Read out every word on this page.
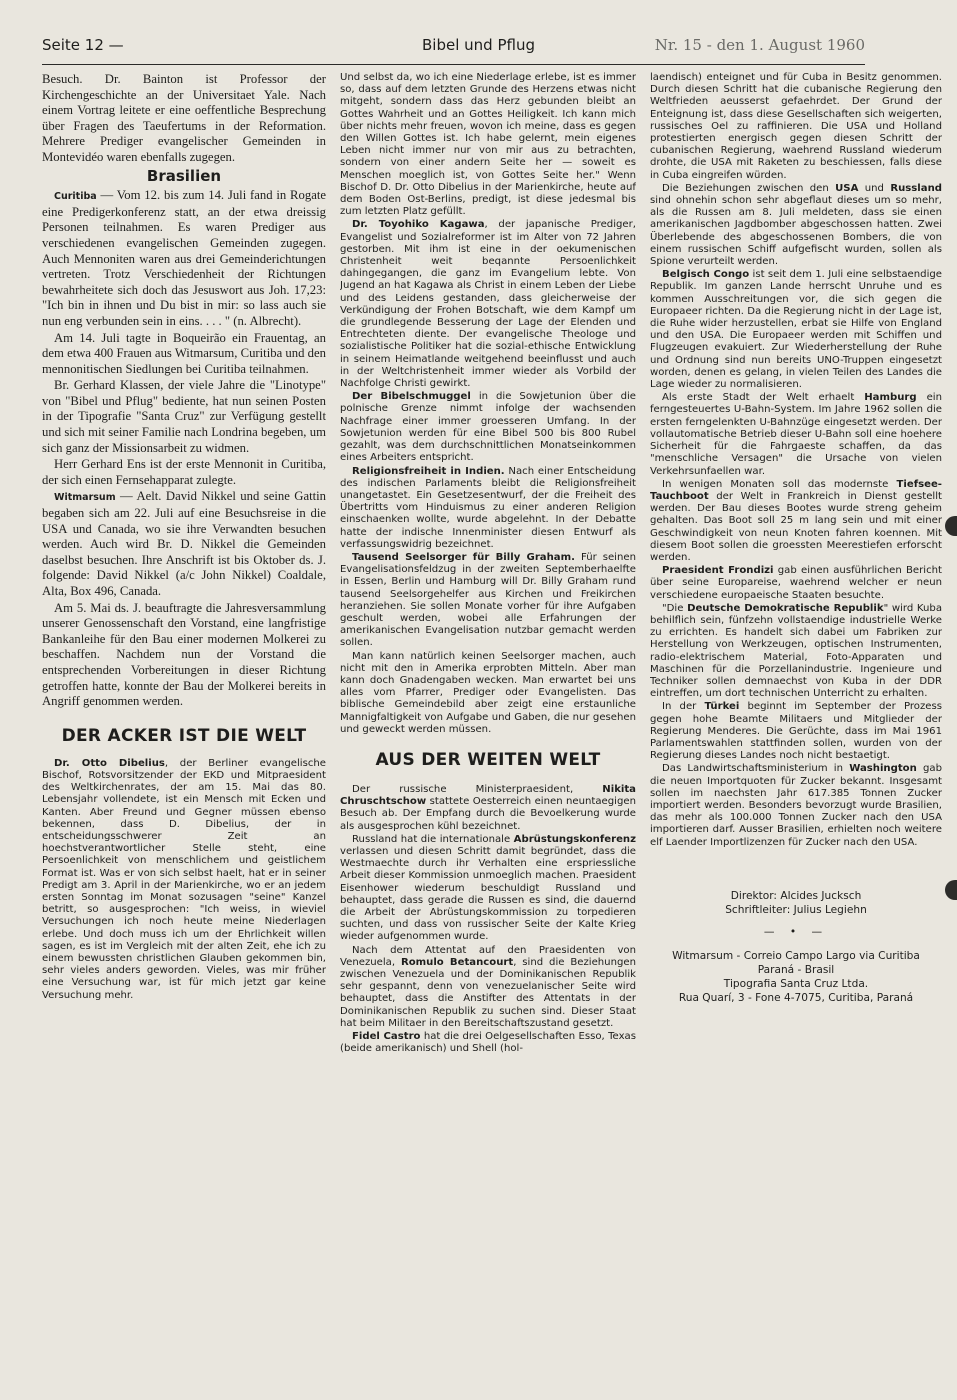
Seite 12 —	Bibel und Pflug	Nr. 15 - den 1. August 1960

Besuch. Dr. Bainton ist Professor der Kirchengeschichte an der Universitaet Yale. Nach einem Vortrag leitete er eine oeffentliche Besprechung über Fragen des Taeufertums in der Reformation. Mehrere Prediger evangelischer Gemeinden in Montevidéo waren ebenfalls zugegen.

Brasilien

Curitiba — Vom 12. bis zum 14. Juli fand in Rogate eine Predigerkonferenz statt, an der etwa dreissig Personen teilnahmen. Es waren Prediger aus verschiedenen evangelischen Gemeinden zugegen. Auch Mennoniten waren aus drei Gemeinderichtungen vertreten. Trotz Verschiedenheit der Richtungen bewahrheitete sich doch das Jesuswort aus Joh. 17,23: "Ich bin in ihnen und Du bist in mir: so lass auch sie nun eng verbunden sein in eins. . . . " (n. Albrecht).

Am 14. Juli tagte in Boqueirão ein Frauentag, an dem etwa 400 Frauen aus Witmarsum, Curitiba und den mennonitischen Siedlungen bei Curitiba teilnahmen.

Br. Gerhard Klassen, der viele Jahre die "Linotype" von "Bibel und Pflug" bediente, hat nun seinen Posten in der Tipografie "Santa Cruz" zur Verfügung gestellt und sich mit seiner Familie nach Londrina begeben, um sich ganz der Missionsarbeit zu widmen.

Herr Gerhard Ens ist der erste Mennonit in Curitiba, der sich einen Fernsehapparat zulegte.

Witmarsum — Aelt. David Nikkel und seine Gattin begaben sich am 22. Juli auf eine Besuchsreise in die USA und Canada, wo sie ihre Verwandten besuchen werden. Auch wird Br. D. Nikkel die Gemeinden daselbst besuchen. Ihre Anschrift ist bis Oktober ds. J. folgende: David Nikkel (a/c John Nikkel) Coaldale, Alta, Box 496, Canada.

Am 5. Mai ds. J. beauftragte die Jahresversammlung unserer Genossenschaft den Vorstand, eine langfristige Bankanleihe für den Bau einer modernen Molkerei zu beschaffen. Nachdem nun der Vorstand die entsprechenden Vorbereitungen in dieser Richtung getroffen hatte, konnte der Bau der Molkerei bereits in Angriff genommen werden.

DER ACKER IST DIE WELT

Dr. Otto Dibelius, der Berliner evangelische Bischof, Rotsvorsitzender der EKD und Mitpraesident des Weltkirchenrates, der am 15. Mai das 80. Lebensjahr vollendete, ist ein Mensch mit Ecken und Kanten. Aber Freund und Gegner müssen ebenso bekennen, dass D. Dibelius, der in entscheidungsschwerer Zeit an hoechstverantwortlicher Stelle steht, eine Persoenlichkeit von menschlichem und geistlichem Format ist. Was er von sich selbst haelt, hat er in seiner Predigt am 3. April in der Marienkirche, wo er an jedem ersten Sonntag im Monat sozusagen "seine" Kanzel betritt, so ausgesprochen: "Ich weiss, in wieviel Versuchungen ich noch heute meine Niederlagen erlebe. Und doch muss ich um der Ehrlichkeit willen sagen, es ist im Vergleich mit der alten Zeit, ehe ich zu einem bewussten christlichen Glauben gekommen bin, sehr vieles anders geworden. Vieles, was mir früher eine Versuchung war, ist für mich jetzt gar keine Versuchung mehr.

Und selbst da, wo ich eine Niederlage erlebe, ist es immer so, dass auf dem letzten Grunde des Herzens etwas nicht mitgeht, sondern dass das Herz gebunden bleibt an Gottes Wahrheit und an Gottes Heiligkeit. Ich kann mich über nichts mehr freuen, wovon ich meine, dass es gegen den Willen Gottes ist. Ich habe gelernt, mein eigenes Leben nicht immer nur von mir aus zu betrachten, sondern von einer andern Seite her — soweit es Menschen moeglich ist, von Gottes Seite her." Wenn Bischof D. Dr. Otto Dibelius in der Marienkirche, heute auf dem Boden Ost-Berlins, predigt, ist diese jedesmal bis zum letzten Platz gefüllt.

Dr. Toyohiko Kagawa, der japanische Prediger, Evangelist und Sozialreformer ist im Alter von 72 Jahren gestorben. Mit ihm ist eine in der oekumenischen Christenheit weit beqannte Persoenlichkeit dahingegangen, die ganz im Evangelium lebte. Von Jugend an hat Kagawa als Christ in einem Leben der Liebe und des Leidens gestanden, dass gleicherweise der Verkündigung der Frohen Botschaft, wie dem Kampf um die grundlegende Besserung der Lage der Elenden und Entrechteten diente. Der evangelische Theologe und sozialistische Politiker hat die sozial-ethische Entwicklung in seinem Heimatlande weitgehend beeinflusst und auch in der Weltchristenheit immer wieder als Vorbild der Nachfolge Christi gewirkt.

Der Bibelschmuggel in die Sowjetunion über die polnische Grenze nimmt infolge der wachsenden Nachfrage einer immer groesseren Umfang. In der Sowjetunion werden für eine Bibel 500 bis 800 Rubel gezahlt, was dem durchschnittlichen Monatseinkommen eines Arbeiters entspricht.

Religionsfreiheit in Indien. Nach einer Entscheidung des indischen Parlaments bleibt die Religionsfreiheit unangetastet. Ein Gesetzesentwurf, der die Freiheit des Übertritts vom Hinduismus zu einer anderen Religion einschaenken wollte, wurde abgelehnt. In der Debatte hatte der indische Innenminister diesen Entwurf als verfassungswidrig bezeichnet.

Tausend Seelsorger für Billy Graham. Für seinen Evangelisationsfeldzug in der zweiten Septemberhaelfte in Essen, Berlin und Hamburg will Dr. Billy Graham rund tausend Seelsorgehelfer aus Kirchen und Freikirchen heranziehen. Sie sollen Monate vorher für ihre Aufgaben geschult werden, wobei alle Erfahrungen der amerikanischen Evangelisation nutzbar gemacht werden sollen.

Man kann natürlich keinen Seelsorger machen, auch nicht mit den in Amerika erprobten Mitteln. Aber man kann doch Gnadengaben wecken. Man erwartet bei uns alles vom Pfarrer, Prediger oder Evangelisten. Das biblische Gemeindebild aber zeigt eine erstaunliche Mannigfaltigkeit von Aufgabe und Gaben, die nur gesehen und geweckt werden müssen.

AUS DER WEITEN WELT

Der russische Ministerpraesident, Nikita Chruschtschow stattete Oesterreich einen neuntaegigen Besuch ab. Der Empfang durch die Bevoelkerung wurde als ausgesprochen kühl bezeichnet.

Russland hat die internationale Abrüstungskonferenz verlassen und diesen Schritt damit begründet, dass die Westmaechte durch ihr Verhalten eine erspriessliche Arbeit dieser Kommission unmoeglich machen. Praesident Eisenhower wiederum beschuldigt Russland und behauptet, dass gerade die Russen es sind, die dauernd die Arbeit der Abrüstungskommission zu torpedieren suchten, und dass von russischer Seite der Kalte Krieg wieder aufgenommen wurde.

Nach dem Attentat auf den Praesidenten von Venezuela, Romulo Betancourt, sind die Beziehungen zwischen Venezuela und der Dominikanischen Republik sehr gespannt, denn von venezuelanischer Seite wird behauptet, dass die Anstifter des Attentats in der Dominikanischen Republik zu suchen sind. Dieser Staat hat beim Militaer in den Bereitschaftszustand gesetzt.

Fidel Castro hat die drei Oelgesellschaften Esso, Texas (beide amerikanisch) und Shell (hol-

laendisch) enteignet und für Cuba in Besitz genommen. Durch diesen Schritt hat die cubanische Regierung den Weltfrieden aeusserst gefaehrdet. Der Grund der Enteignung ist, dass diese Gesellschaften sich weigerten, russisches Oel zu raffinieren. Die USA und Holland protestierten energisch gegen diesen Schritt der cubanischen Regierung, waehrend Russland wiederum drohte, die USA mit Raketen zu beschiessen, falls diese in Cuba eingreifen würden.

Die Beziehungen zwischen den USA und Russland sind ohnehin schon sehr abgeflaut dieses um so mehr, als die Russen am 8. Juli meldeten, dass sie einen amerikanischen Jagdbomber abgeschossen hatten. Zwei Überlebende des abgeschossenen Bombers, die von einem russischen Schiff aufgefischt wurden, sollen als Spione verurteilt werden.

Belgisch Congo ist seit dem 1. Juli eine selbstaendige Republik. Im ganzen Lande herrscht Unruhe und es kommen Ausschreitungen vor, die sich gegen die Europaeer richten. Da die Regierung nicht in der Lage ist, die Ruhe wider herzustellen, erbat sie Hilfe von England und den USA. Die Europaeer werden mit Schiffen und Flugzeugen evakuiert. Zur Wiederherstellung der Ruhe und Ordnung sind nun bereits UNO-Truppen eingesetzt worden, denen es gelang, in vielen Teilen des Landes die Lage wieder zu normalisieren.

Als erste Stadt der Welt erhaelt Hamburg ein ferngesteuertes U-Bahn-System. Im Jahre 1962 sollen die ersten ferngelenkten U-Bahnzüge eingesetzt werden. Der vollautomatische Betrieb dieser U-Bahn soll eine hoehere Sicherheit für die Fahrgaeste schaffen, da das "menschliche Versagen" die Ursache von vielen Verkehrsunfaellen war.

In wenigen Monaten soll das modernste Tiefsee-Tauchboot der Welt in Frankreich in Dienst gestellt werden. Der Bau dieses Bootes wurde streng geheim gehalten. Das Boot soll 25 m lang sein und mit einer Geschwindigkeit von neun Knoten fahren koennen. Mit diesem Boot sollen die groessten Meerestiefen erforscht werden.

Praesident Frondizi gab einen ausführlichen Bericht über seine Europareise, waehrend welcher er neun verschiedene europaeische Staaten besuchte.

"Die Deutsche Demokratische Republik" wird Kuba behilflich sein, fünfzehn vollstaendige industrielle Werke zu errichten. Es handelt sich dabei um Fabriken zur Herstellung von Werkzeugen, optischen Instrumenten, radio-elektrischem Material, Foto-Apparaten und Maschinen für die Porzellanindustrie. Ingenieure und Techniker sollen demnaechst von Kuba in der DDR eintreffen, um dort technischen Unterricht zu erhalten.

In der Türkei beginnt im September der Prozess gegen hohe Beamte Militaers und Mitglieder der Regierung Menderes. Die Gerüchte, dass im Mai 1961 Parlamentswahlen stattfinden sollen, wurden von der Regierung dieses Landes noch nicht bestaetigt.

Das Landwirtschaftsministerium in Washington gab die neuen Importquoten für Zucker bekannt. Insgesamt sollen im naechsten Jahr 617.385 Tonnen Zucker importiert werden. Besonders bevorzugt wurde Brasilien, das mehr als 100.000 Tonnen Zucker nach den USA importieren darf. Ausser Brasilien, erhielten noch weitere elf Laender Importlizenzen für Zucker nach den USA.

Direktor: Alcides Jucksch
Schriftleiter: Julius Legiehn
— • —
Witmarsum - Correio Campo Largo via Curitiba
Paraná - Brasil
Tipografia Santa Cruz Ltda.
Rua Quarí, 3 - Fone 4-7075, Curitiba, Paraná
